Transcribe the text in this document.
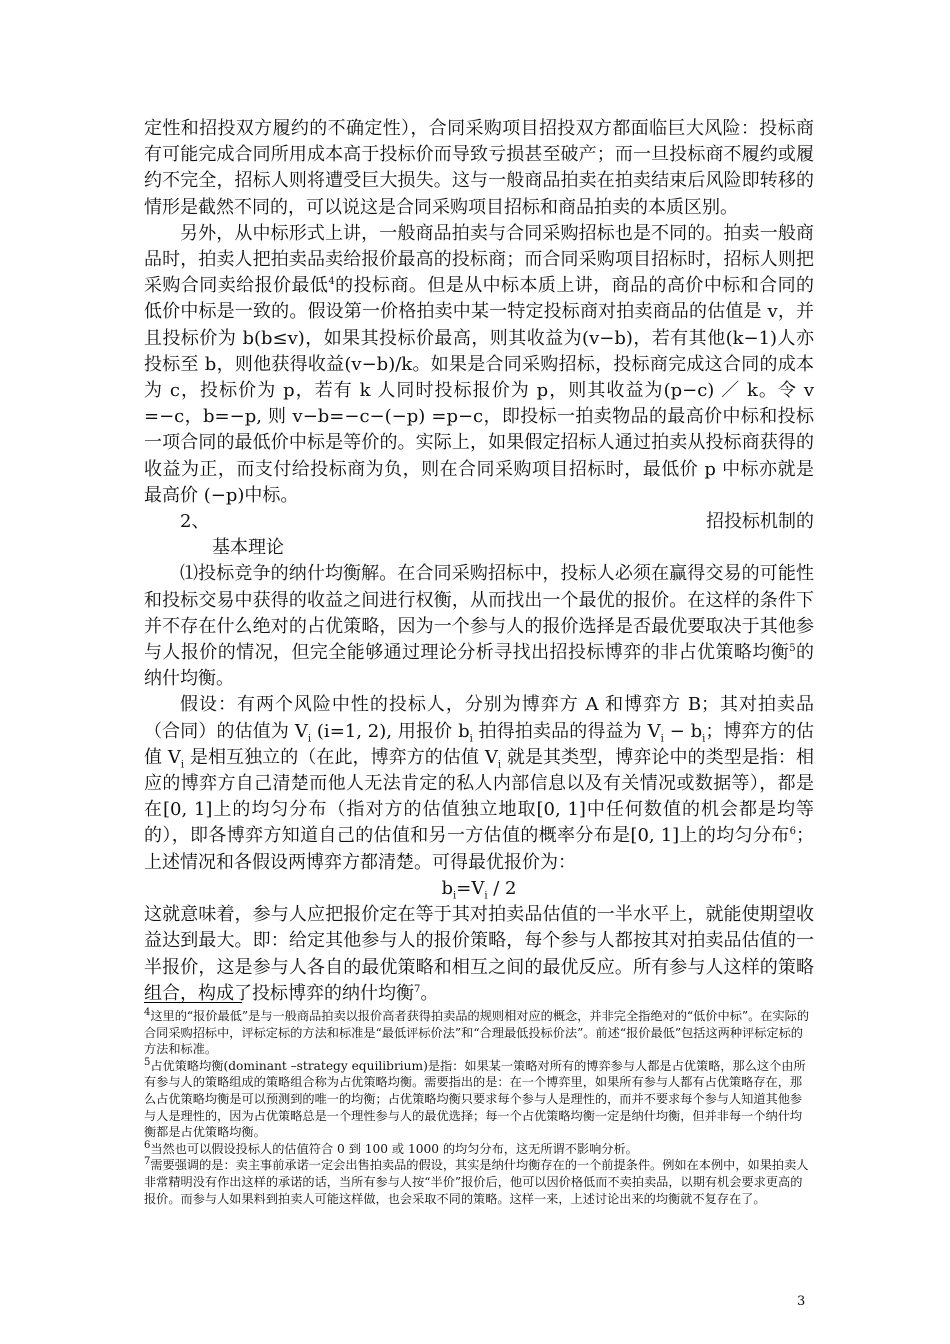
定性和招投双方履约的不确定性），合同采购项目招投双方都面临巨大风险：投标商有可能完成合同所用成本高于投标价而导致亏损甚至破产；而一旦投标商不履约或履约不完全，招标人则将遭受巨大损失。这与一般商品拍卖在拍卖结束后风险即转移的情形是截然不同的，可以说这是合同采购项目招标和商品拍卖的本质区别。

另外，从中标形式上讲，一般商品拍卖与合同采购招标也是不同的。拍卖一般商品时，拍卖人把拍卖品卖给报价最高的投标商；而合同采购项目招标时，招标人则把采购合同卖给报价最低$^4$的投标商。但是从中标本质上讲，商品的高价中标和合同的低价中标是一致的。假设第一价格拍卖中某一特定投标商对拍卖商品的估值是 v，并且投标价为 b(b≤v)，如果其投标价最高，则其收益为(v−b)，若有其他(k−1)人亦投标至 b，则他获得收益(v−b)/k。如果是合同采购招标，投标商完成这合同的成本为 c，投标价为 p，若有 k 人同时投标报价为 p，则其收益为(p−c) ／ k。令 v =−c，b=−p, 则 v−b=−c−(−p) =p−c，即投标一拍卖物品的最高价中标和投标一项合同的最低价中标是等价的。实际上，如果假定招标人通过拍卖从投标商获得的收益为正，而支付给投标商为负，则在合同采购项目招标时，最低价 p 中标亦就是最高价 (−p)中标。

2、	招投标机制的
基本理论

⑴投标竞争的纳什均衡解。在合同采购招标中，投标人必须在赢得交易的可能性和投标交易中获得的收益之间进行权衡，从而找出一个最优的报价。在这样的条件下并不存在什么绝对的占优策略，因为一个参与人的报价选择是否最优要取决于其他参与人报价的情况，但完全能够通过理论分析寻找出招投标博弈的非占优策略均衡$^5$的纳什均衡。

假设：有两个风险中性的投标人，分别为博弈方 A 和博弈方 B；其对拍卖品（合同）的估值为 $V_i$ (i=1, 2), 用报价 $b_i$ 拍得拍卖品的得益为 $V_i - b_i$；博弈方的估值 $V_i$ 是相互独立的（在此，博弈方的估值 $V_i$ 就是其类型，博弈论中的类型是指：相应的博弈方自己清楚而他人无法肯定的私人内部信息以及有关情况或数据等），都是在[0, 1]上的均匀分布（指对方的估值独立地取[0, 1]中任何数值的机会都是均等的），即各博弈方知道自己的估值和另一方估值的概率分布是[0, 1]上的均匀分布$^6$；上述情况和各假设两博弈方都清楚。可得最优报价为：

$b_i=V_i / 2$

这就意味着，参与人应把报价定在等于其对拍卖品估值的一半水平上，就能使期望收益达到最大。即：给定其他参与人的报价策略，每个参与人都按其对拍卖品估值的一半报价，这是参与人各自的最优策略和相互之间的最优反应。所有参与人这样的策略组合，构成了投标博弈的纳什均衡$^7$。

$^4$这里的“报价最低”是与一般商品拍卖以报价高者获得拍卖品的规则相对应的概念，并非完全指绝对的“低价中标”。在实际的合同采购招标中，评标定标的方法和标准是“最低评标价法”和“合理最低投标价法”。前述“报价最低”包括这两种评标定标的方法和标准。

$^5$占优策略均衡(dominant –strategy equilibrium)是指：如果某一策略对所有的博弈参与人都是占优策略，那么这个由所有参与人的策略组成的策略组合称为占优策略均衡。需要指出的是：在一个博弈里，如果所有参与人都有占优策略存在，那么占优策略均衡是可以预测到的唯一的均衡；占优策略均衡只要求每个参与人是理性的，而并不要求每个参与人知道其他参与人是理性的，因为占优策略总是一个理性参与人的最优选择；每一个占优策略均衡一定是纳什均衡，但并非每一个纳什均衡都是占优策略均衡。

$^6$当然也可以假设投标人的估值符合 0 到 100 或 1000 的均匀分布，这无所谓不影响分析。

$^7$需要强调的是：卖主事前承诺一定会出售拍卖品的假设，其实是纳什均衡存在的一个前提条件。例如在本例中，如果拍卖人非常精明没有作出这样的承诺的话，当所有参与人按“半价”报价后，他可以因价格低而不卖拍卖品，以期有机会要求更高的报价。而参与人如果料到拍卖人可能这样做，也会采取不同的策略。这样一来，上述讨论出来的均衡就不复存在了。

3
